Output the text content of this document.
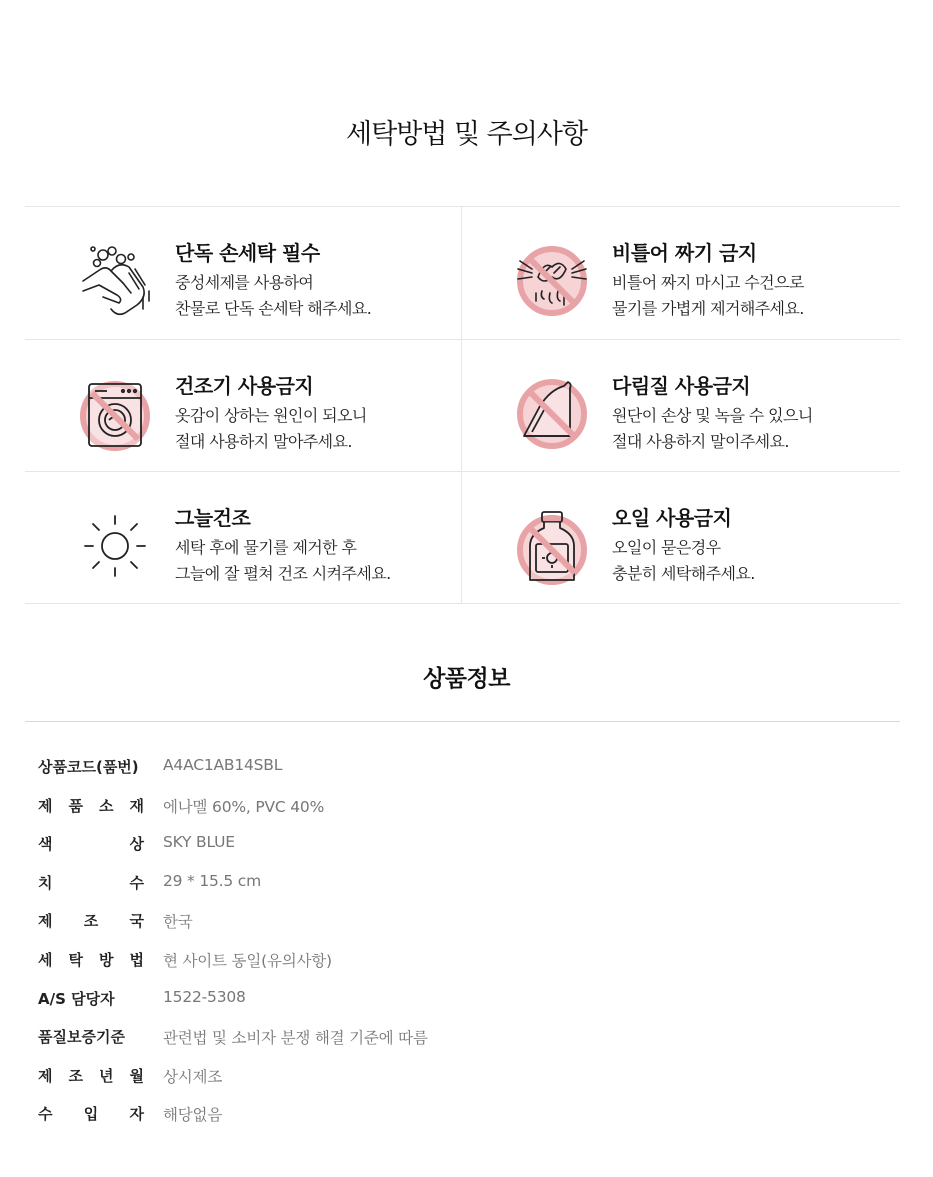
세탁방법 및 주의사항
단독 손세탁 필수
중성세제를 사용하여
찬물로 단독 손세탁 해주세요.
비틀어 짜기 금지
비틀어 짜지 마시고 수건으로
물기를 가볍게 제거해주세요.
건조기 사용금지
옷감이 상하는 원인이 되오니
절대 사용하지 말아주세요.
다림질 사용금지
원단이 손상 및 녹을 수 있으니
절대 사용하지 말이주세요.
그늘건조
세탁 후에 물기를 제거한 후
그늘에 잘 펼쳐 건조 시켜주세요.
오일 사용금지
오일이 묻은경우
충분히 세탁해주세요.
상품정보
상품코드(품번) A4AC1AB14SBL
제 품 소 재 에나멜 60%, PVC 40%
색	상 SKY BLUE
치	수 29 * 15.5 cm
제 조 국 한국
세 탁 방 법 현 사이트 동일(유의사항)
A/S 담당자	1522-5308
품질보증기준 관련법 및 소비자 분쟁 해결 기준에 따름
제 조 년 월 상시제조
수 입 자 해당없음
